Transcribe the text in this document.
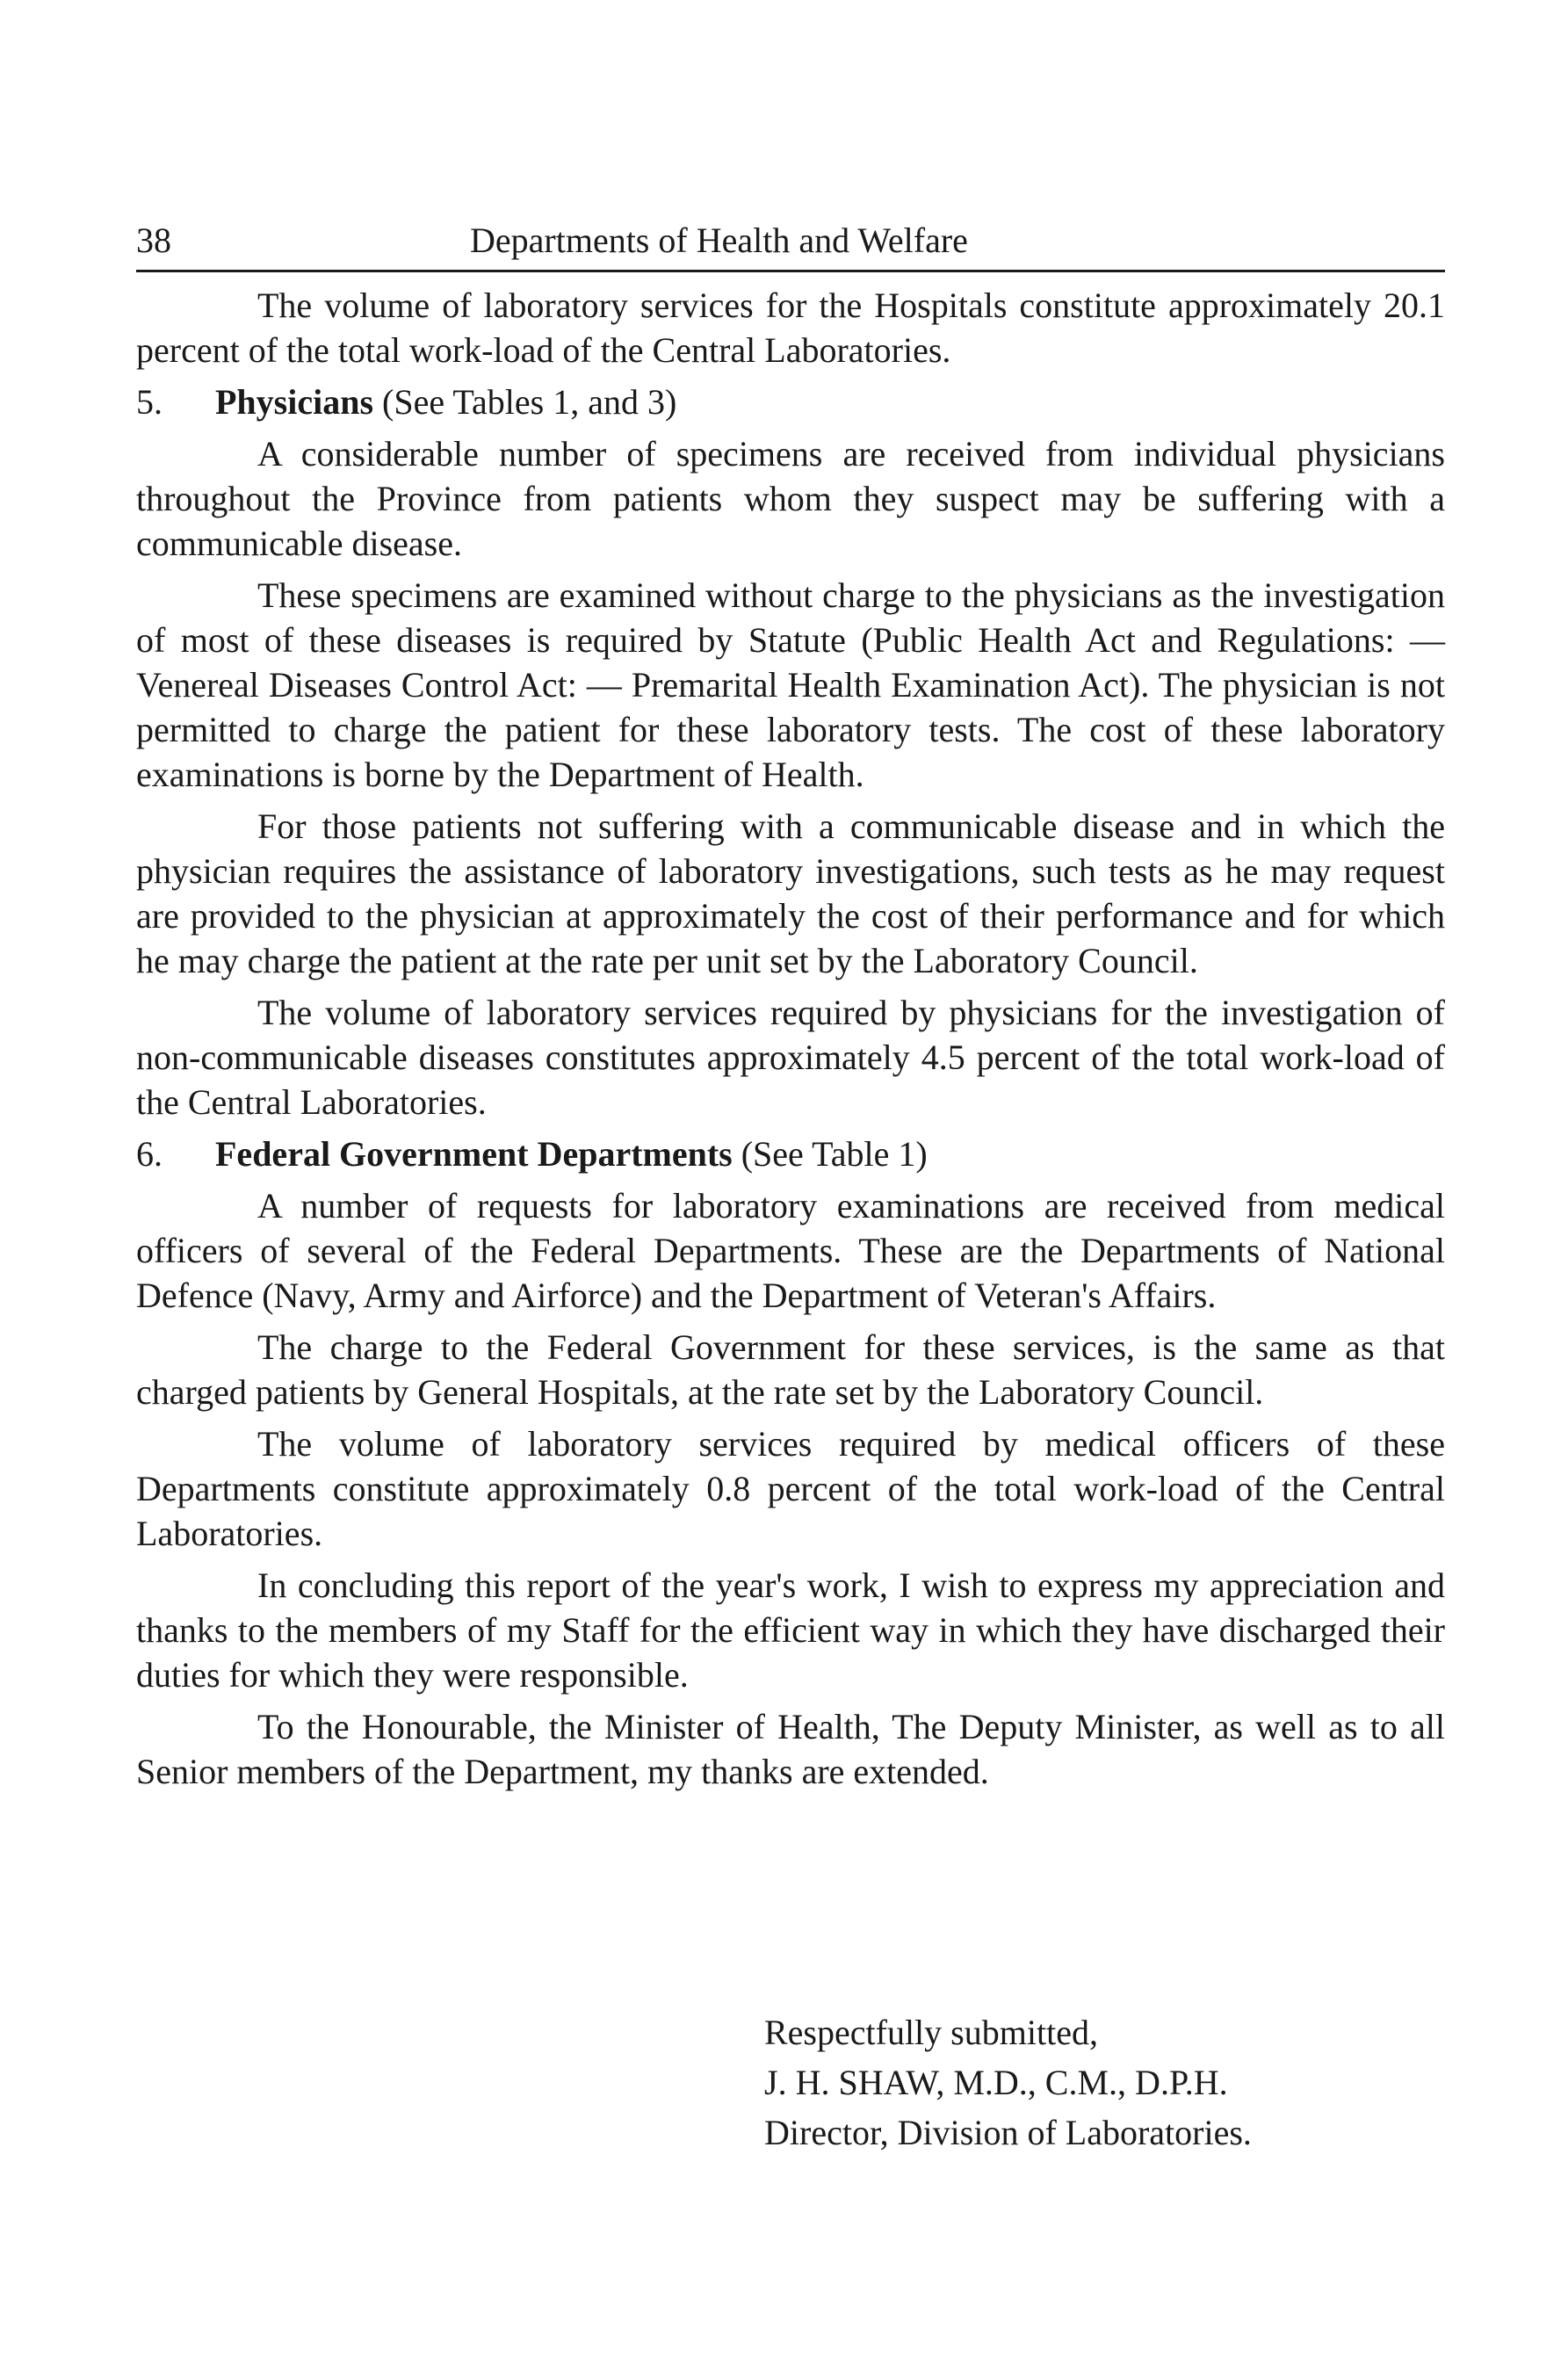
38	Departments of Health and Welfare

The volume of laboratory services for the Hospitals constitute approximately 20.1 percent of the total work-load of the Central Laboratories.

5. Physicians (See Tables 1, and 3)

A considerable number of specimens are received from individual physicians throughout the Province from patients whom they suspect may be suffering with a communicable disease.

These specimens are examined without charge to the physicians as the investigation of most of these diseases is required by Statute (Public Health Act and Regulations: — Venereal Diseases Control Act: — Premarital Health Examination Act). The physician is not permitted to charge the patient for these laboratory tests. The cost of these laboratory examinations is borne by the Department of Health.

For those patients not suffering with a communicable disease and in which the physician requires the assistance of laboratory investigations, such tests as he may request are provided to the physician at approximately the cost of their performance and for which he may charge the patient at the rate per unit set by the Laboratory Council.

The volume of laboratory services required by physicians for the investigation of non-communicable diseases constitutes approximately 4.5 percent of the total work-load of the Central Laboratories.

6. Federal Government Departments (See Table 1)

A number of requests for laboratory examinations are received from medical officers of several of the Federal Departments. These are the Departments of National Defence (Navy, Army and Airforce) and the Department of Veteran's Affairs.

The charge to the Federal Government for these services, is the same as that charged patients by General Hospitals, at the rate set by the Laboratory Council.

The volume of laboratory services required by medical officers of these Departments constitute approximately 0.8 percent of the total work-load of the Central Laboratories.

In concluding this report of the year's work, I wish to express my appreciation and thanks to the members of my Staff for the efficient way in which they have discharged their duties for which they were responsible.

To the Honourable, the Minister of Health, The Deputy Minister, as well as to all Senior members of the Department, my thanks are extended.

Respectfully submitted,
J. H. SHAW, M.D., C.M., D.P.H.
Director, Division of Laboratories.
